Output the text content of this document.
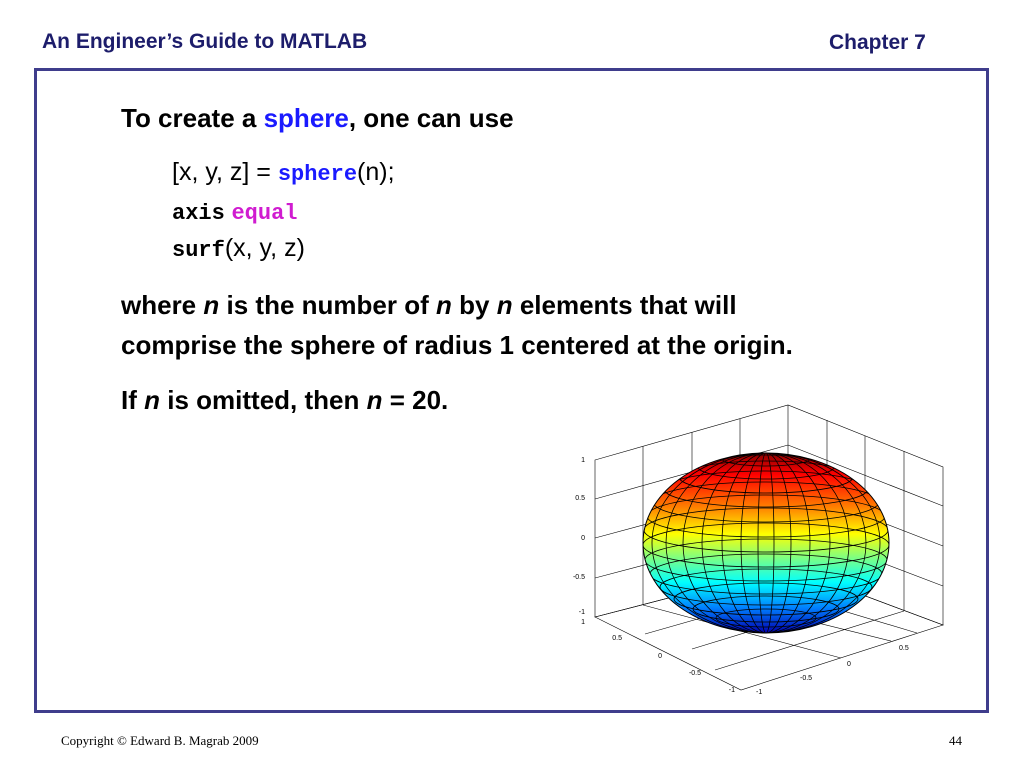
An Engineer’s Guide to MATLAB	Chapter 7
To create a sphere, one can use
[x, y, z] = sphere(n);
axis equal
surf(x, y, z)
where n is the number of n by n elements that will
comprise the sphere of radius 1 centered at the origin.
If n is omitted, then n = 20.
1
0.5
0
-0.5
-1
1
0.5
0
-0.5
-1	-1
-0.5
0
0.5
Copyright © Edward B. Magrab 2009	44
